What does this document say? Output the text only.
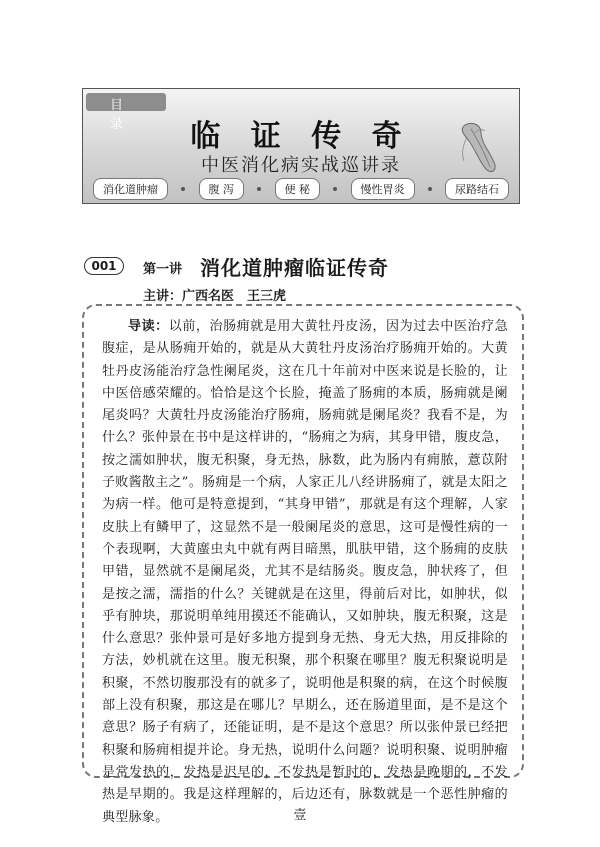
目 录	临 证 传 奇
中医消化病实战巡讲录
消化道肿瘤	腹 泻	便 秘	慢性胃炎	尿路结石
001	第一讲 消化道肿瘤临证传奇
主讲：广西名医　王三虎

导读：以前，治肠痈就是用大黄牡丹皮汤，因为过去中医治疗急腹症，是从肠痈开始的，就是从大黄牡丹皮汤治疗肠痈开始的。大黄牡丹皮汤能治疗急性阑尾炎，这在几十年前对中医来说是长脸的，让中医倍感荣耀的。恰恰是这个长脸，掩盖了肠痈的本质，肠痈就是阑尾炎吗？大黄牡丹皮汤能治疗肠痈，肠痈就是阑尾炎？我看不是，为什么？张仲景在书中是这样讲的，“肠痈之为病，其身甲错，腹皮急，按之濡如肿状，腹无积聚，身无热，脉数，此为肠内有痈脓，薏苡附子败酱散主之”。肠痈是一个病，人家正儿八经讲肠痈了，就是太阳之为病一样。他可是特意提到，“其身甲错”，那就是有这个理解，人家皮肤上有鳞甲了，这显然不是一般阑尾炎的意思，这可是慢性病的一个表现啊，大黄䗪虫丸中就有两目暗黑，肌肤甲错，这个肠痈的皮肤甲错，显然就不是阑尾炎，尤其不是结肠炎。腹皮急，肿状疼了，但是按之濡，濡指的什么？关键就是在这里，得前后对比，如肿状，似乎有肿块，那说明单纯用摸还不能确认，又如肿块，腹无积聚，这是什么意思？张仲景可是好多地方提到身无热、身无大热，用反排除的方法，妙机就在这里。腹无积聚，那个积聚在哪里？腹无积聚说明是积聚，不然切腹那没有的就多了，说明他是积聚的病，在这个时候腹部上没有积聚，那这是在哪儿？早期么，还在肠道里面，是不是这个意思？肠子有病了，还能证明，是不是这个意思？所以张仲景已经把积聚和肠痈相提并论。身无热，说明什么问题？说明积聚、说明肿瘤是常发热的，发热是迟早的，不发热是暂时的，发热是晚期的，不发热是早期的。我是这样理解的，后边还有，脉数就是一个恶性肿瘤的典型脉象。	壹
